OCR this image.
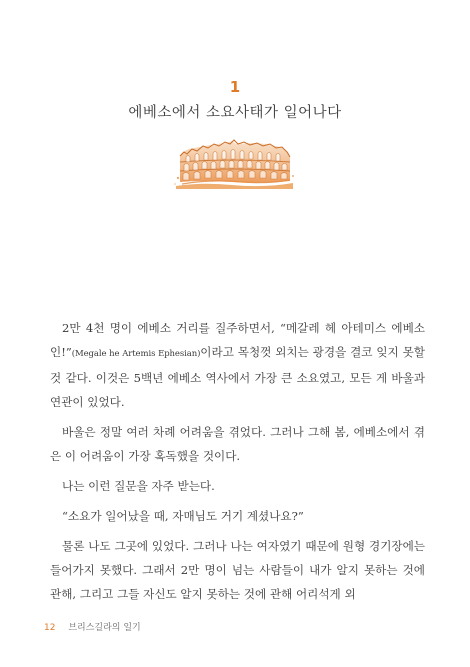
1
에베소에서 소요사태가 일어나다

2만 4천 명이 에베소 거리를 질주하면서, “메갈레 헤 아테미스 에베소인!”(Megale he Artemis Ephesian)이라고 목청껏 외치는 광경을 결코 잊지 못할 것 같다. 이것은 5백년 에베소 역사에서 가장 큰 소요였고, 모든 게 바울과 연관이 있었다.

바울은 정말 여러 차례 어려움을 겪었다. 그러나 그해 봄, 에베소에서 겪은 이 어려움이 가장 혹독했을 것이다.

나는 이런 질문을 자주 받는다.

“소요가 일어났을 때, 자매님도 거기 계셨나요?”

물론 나도 그곳에 있었다. 그러나 나는 여자였기 때문에 원형 경기장에는 들어가지 못했다. 그래서 2만 명이 넘는 사람들이 내가 알지 못하는 것에 관해, 그리고 그들 자신도 알지 못하는 것에 관해 어리석게 외

12 브리스길라의 일기
